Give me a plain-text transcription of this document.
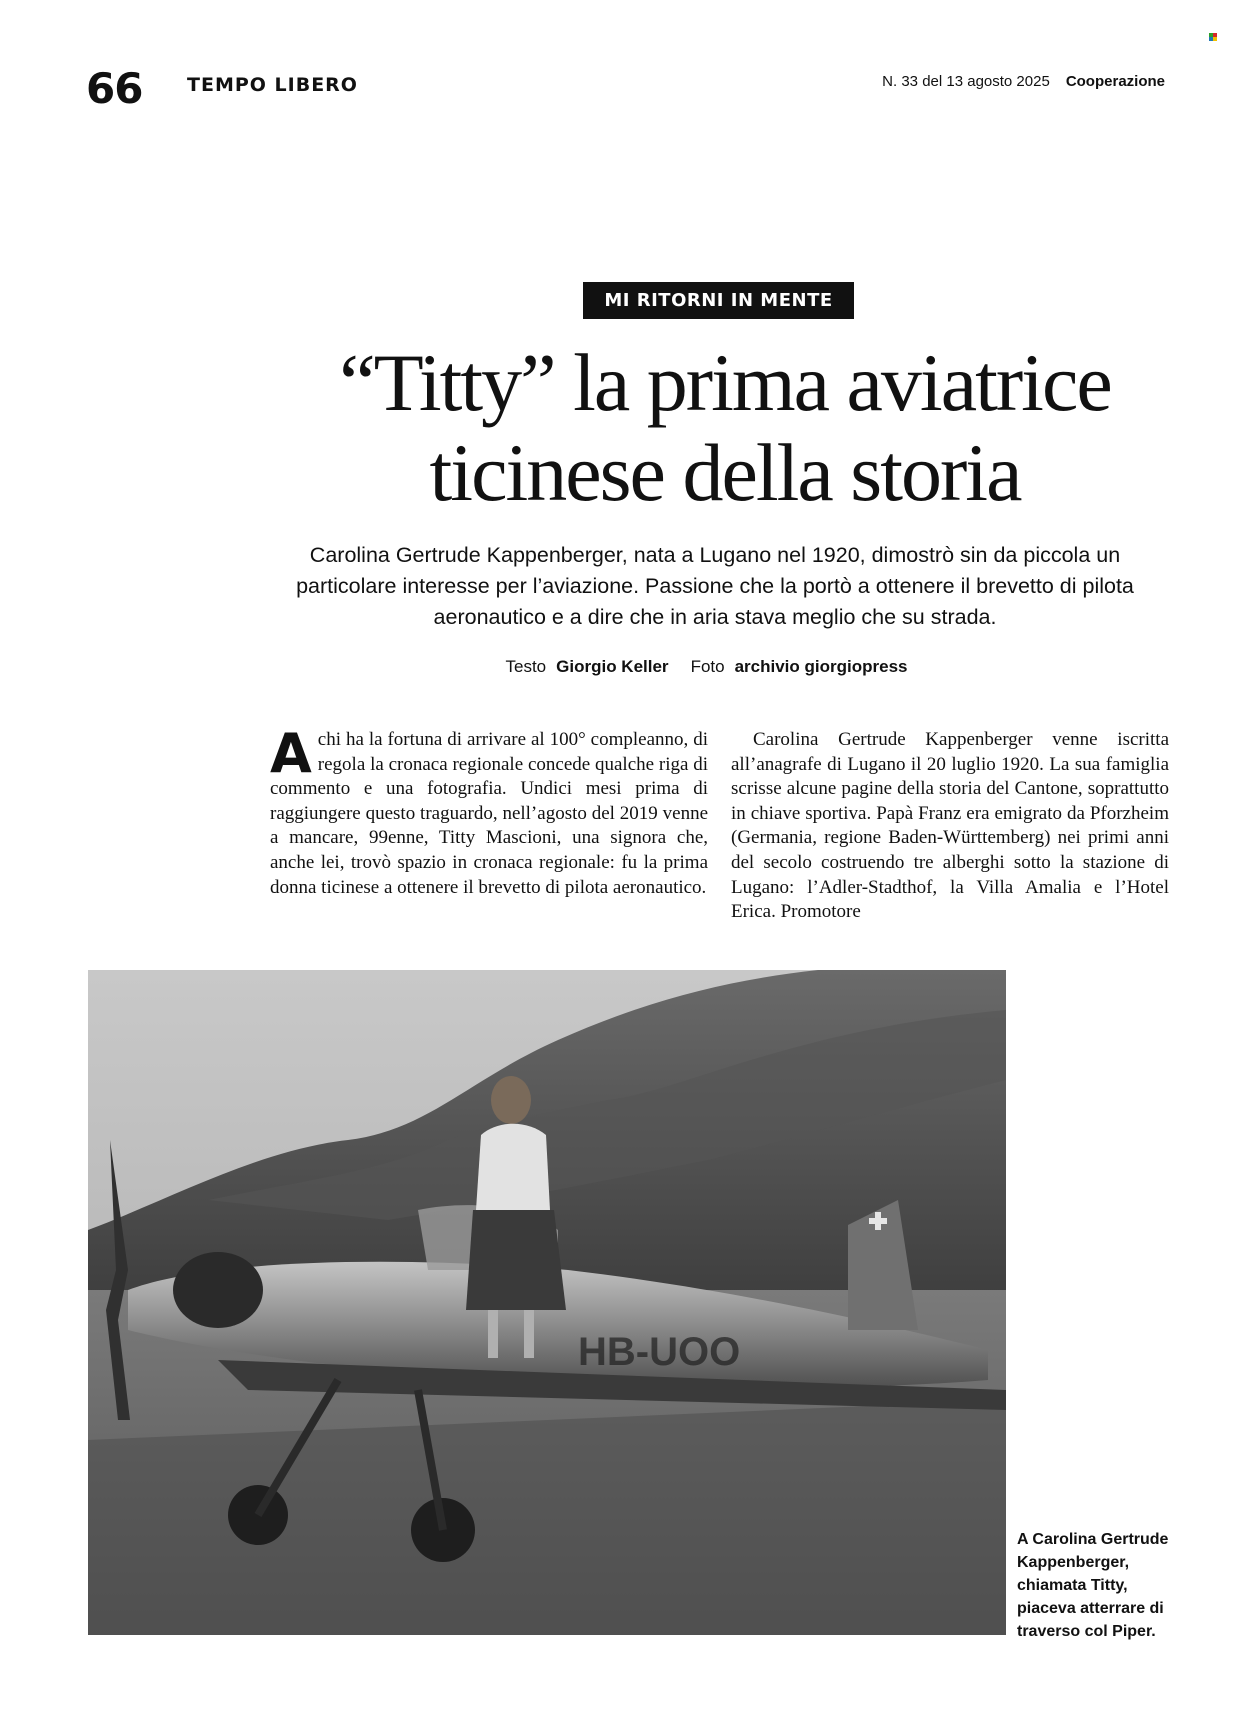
66 TEMPO LIBERO	N. 33 del 13 agosto 2025 Cooperazione
MI RITORNI IN MENTE
“Titty” la prima aviatrice
ticinese della storia

Carolina Gertrude Kappenberger, nata a Lugano nel 1920, dimostrò sin da piccola un particolare interesse per l’aviazione. Passione che la portò a ottenere il brevetto di pilota aeronautico e a dire che in aria stava meglio che su strada.

Testo Giorgio Keller Foto archivio giorgiopress

Achi ha la fortuna di arrivare al 100° compleanno, di regola la cronaca regionale concede qualche riga di commento e una fotografia. Undici mesi prima di raggiungere questo traguardo, nell’agosto del 2019 venne a mancare, 99enne, Titty Mascioni, una signora che, anche lei, trovò spazio in cronaca regionale: fu la prima donna ticinese a ottenere il brevetto di pilota aeronautico.

Carolina Gertrude Kappenberger venne iscritta all’anagrafe di Lugano il 20 luglio 1920. La sua famiglia scrisse alcune pagine della storia del Cantone, soprattutto in chiave sportiva. Papà Franz era emigrato da Pforzheim (Germania, regione Baden-Württemberg) nei primi anni del secolo costruendo tre alberghi sotto la stazione di Lugano: l’Adler-Stadthof, la Villa Amalia e l’Hotel Erica. Promotore

HB-UOO

A Carolina Gertrude Kappenberger, chiamata Titty, piaceva atterrare di traverso col Piper.
